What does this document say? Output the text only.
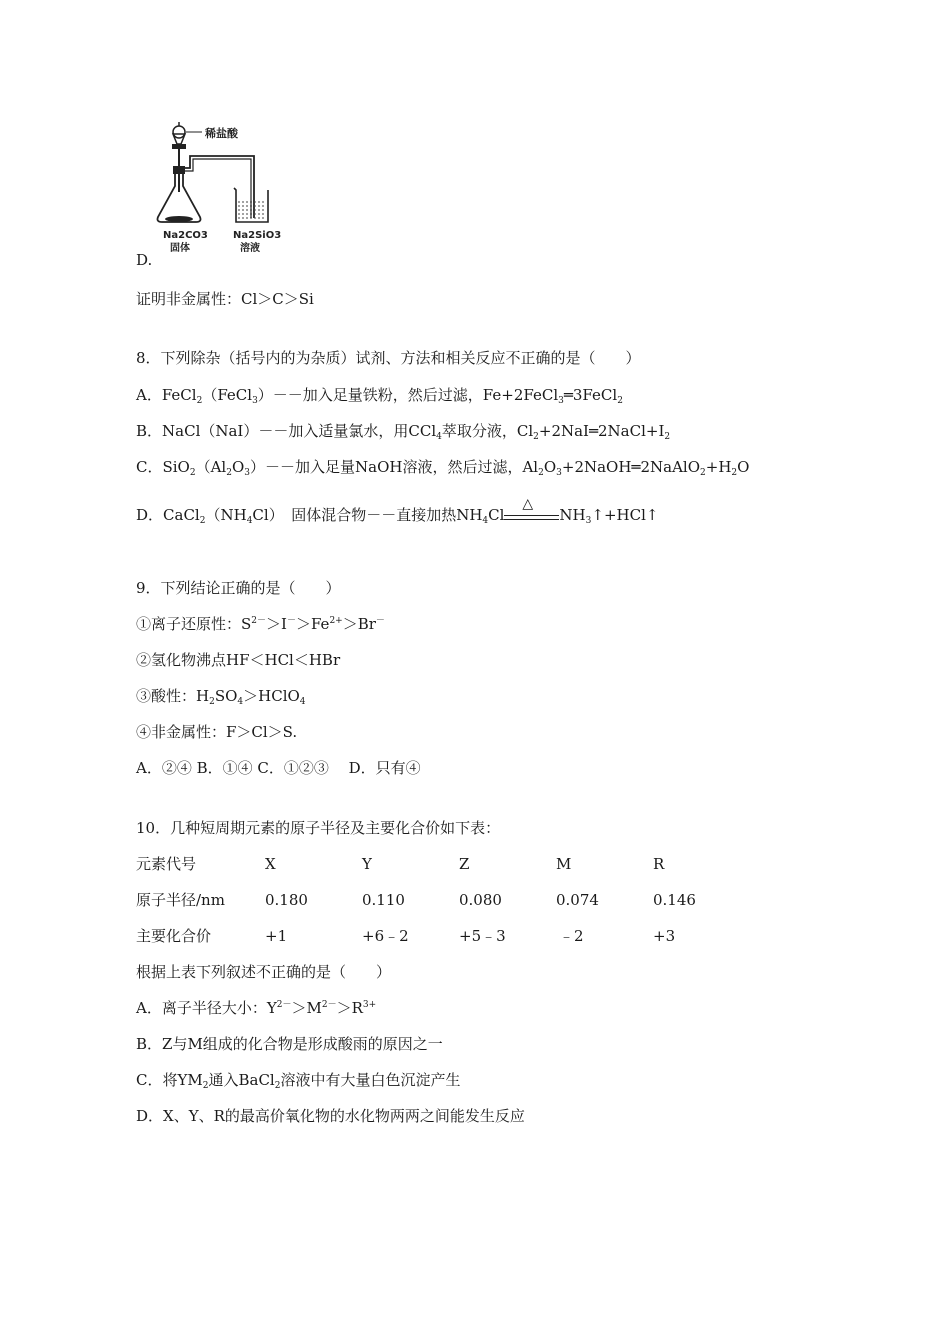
稀盐酸
Na2CO3
固体
Na2SiO3
溶液
D.
证明非金属性：Cl＞C＞Si
8．下列除杂（括号内的为杂质）试剂、方法和相关反应不正确的是（　　）
A．FeCl$_2$（FeCl$_3$）－－加入足量铁粉，然后过滤，Fe+2FeCl$_3$═3FeCl$_2$
B．NaCl（NaI）－－加入适量氯水，用CCl$_4$萃取分液，$Cl_2+2NaI═2NaCl+I_2$
C．$SiO_2(Al_2O_3)--$加入足量NaOH溶液，然后过滤，$Al_2O_3+2NaOH═2NaAlO_2+H_2O$
D．$CaCl_2(NH_4Cl)$　固体混合物－－直接加热$NH_4Cl$
△
$NH_3↑+HCl↑$
9．下列结论正确的是（　　）
①离子还原性：$S^{2-}>I^->Fe^{2+}>Br^-$
②氢化物沸点HF＜HCl＜HBr
③酸性：$H_2SO_4>HClO_4$
④非金属性：F＞Cl＞S.
A．②④ B．①④ C．①②③　 D．只有④
10．几种短周期元素的原子半径及主要化合价如下表：
元素代号	X	Y	Z	M	R
原子半径/nm	0.180	0.110	0.080	0.074	0.146
主要化合价	+1	+6﹣2	+5﹣3	﹣2	+3
根据上表下列叙述不正确的是（　　）
A．离子半径大小：$Y^{2-}>M^{2-}>R^{3+}$
B．Z与M组成的化合物是形成酸雨的原因之一
C．将$YM_2$通入BaCl$_2$溶液中有大量白色沉淀产生
D．X、Y、R的最高价氧化物的水化物两两之间能发生反应
